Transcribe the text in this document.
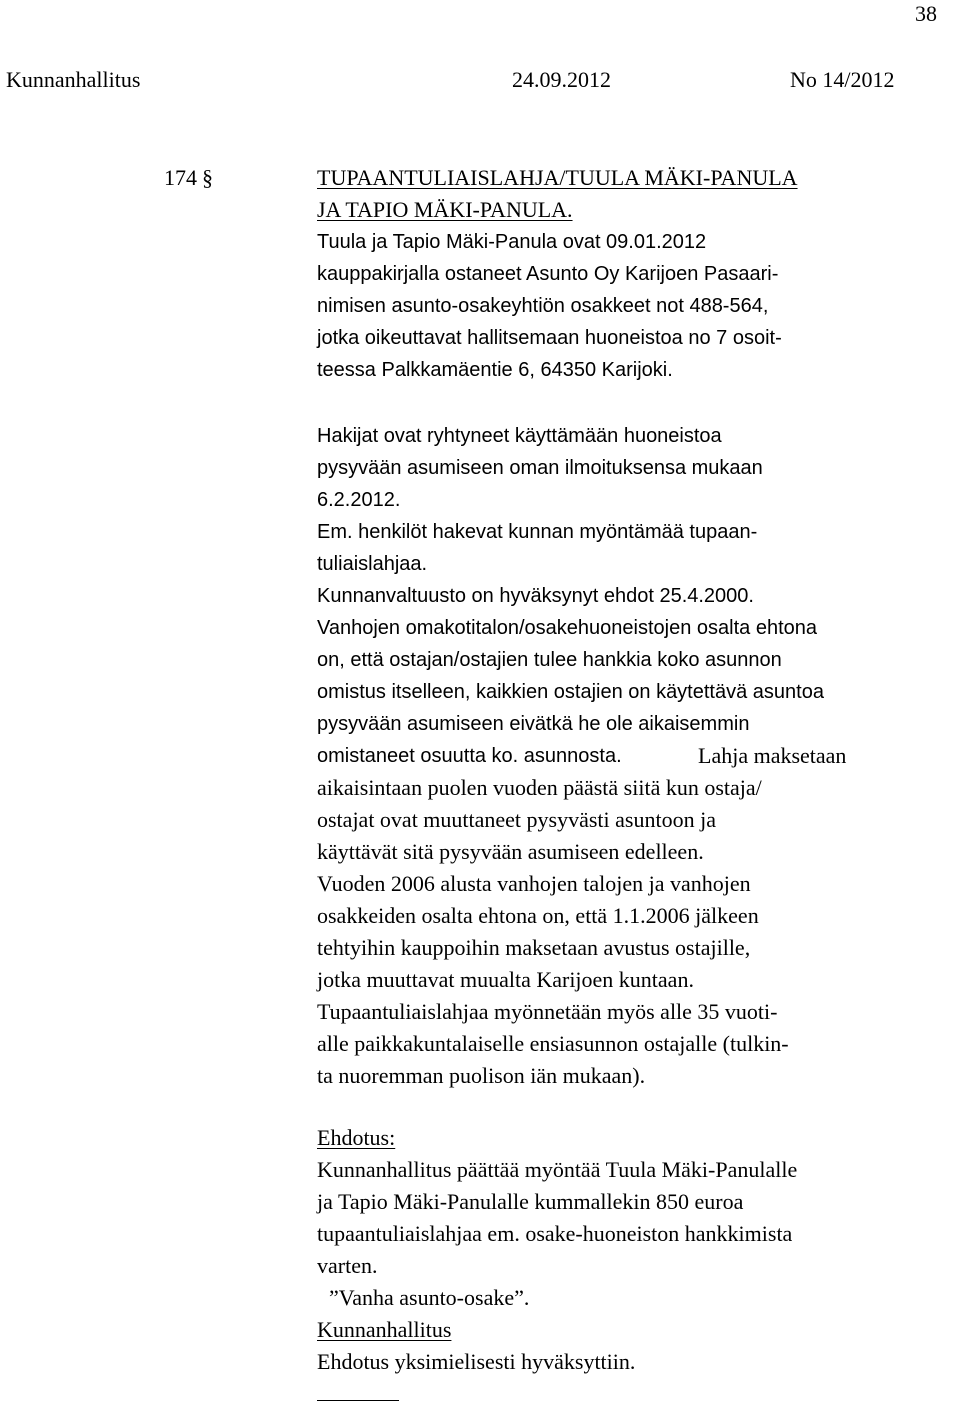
38
Kunnanhallitus	24.09.2012	No 14/2012
174 §	TUPAANTULIAISLAHJA/TUULA MÄKI-PANULA
JA TAPIO MÄKI-PANULA.
Tuula ja Tapio Mäki-Panula ovat 09.01.2012
kauppakirjalla ostaneet Asunto Oy Karijoen Pasaari-
nimisen asunto-osakeyhtiön osakkeet not 488-564,
jotka oikeuttavat hallitsemaan huoneistoa no 7 osoit-
teessa Palkkamäentie 6, 64350 Karijoki.
Hakijat ovat ryhtyneet käyttämään huoneistoa
pysyvään asumiseen oman ilmoituksensa mukaan
6.2.2012.
Em. henkilöt hakevat kunnan myöntämää tupaan-
tuliaislahjaa.
Kunnanvaltuusto on hyväksynyt ehdot 25.4.2000.
Vanhojen omakotitalon/osakehuoneistojen osalta ehtona
on, että ostajan/ostajien tulee hankkia koko asunnon
omistus itselleen, kaikkien ostajien on käytettävä asuntoa
pysyvään asumiseen eivätkä he ole aikaisemmin
omistaneet osuutta ko. asunnosta.	Lahja maksetaan
aikaisintaan puolen vuoden päästä siitä kun ostaja/
ostajat ovat muuttaneet pysyvästi asuntoon ja
käyttävät sitä pysyvään asumiseen edelleen.
Vuoden 2006 alusta vanhojen talojen ja vanhojen
osakkeiden osalta ehtona on, että 1.1.2006 jälkeen
tehtyihin kauppoihin maksetaan avustus ostajille,
jotka muuttavat muualta Karijoen kuntaan.
Tupaantuliaislahjaa myönnetään myös alle 35 vuoti-
alle paikkakuntalaiselle ensiasunnon ostajalle (tulkin-
ta nuoremman puolison iän mukaan).
Ehdotus:
Kunnanhallitus päättää myöntää Tuula Mäki-Panulalle
ja Tapio Mäki-Panulalle kummallekin 850 euroa
tupaantuliaislahjaa em. osake-huoneiston hankkimista
varten.
”Vanha asunto-osake”.
Kunnanhallitus
Ehdotus yksimielisesti hyväksyttiin.
